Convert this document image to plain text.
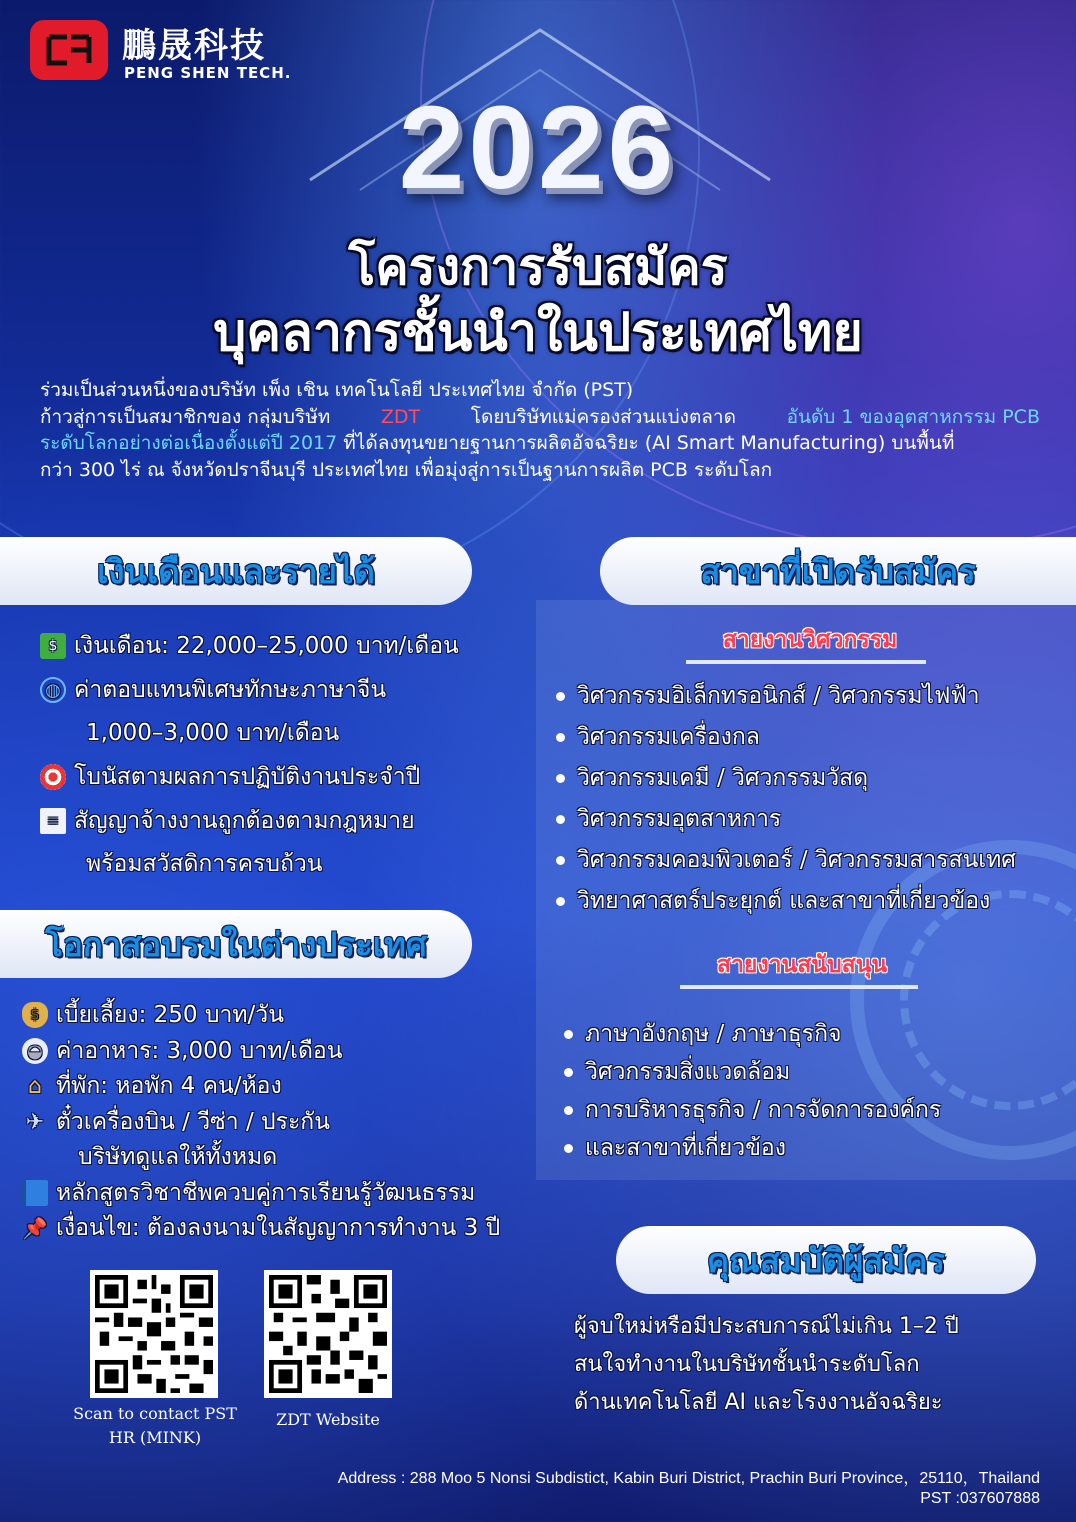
鵬晟科技
PENG SHEN TECH.
2026
โครงการรับสมัคร
บุคลากรชั้นนำในประเทศไทย
ร่วมเป็นส่วนหนึ่งของบริษัท เพ็ง เชิน เทคโนโลยี ประเทศไทย จำกัด (PST)
ก้าวสู่การเป็นสมาชิกของ กลุ่มบริษัท	ZDT	โดยบริษัทแม่ครองส่วนแบ่งตลาด	อันดับ 1 ของอุตสาหกรรม PCB
ระดับโลกอย่างต่อเนื่องตั้งแต่ปี 2017 ที่ได้ลงทุนขยายฐานการผลิตอัจฉริยะ (AI Smart Manufacturing) บนพื้นที่
กว่า 300 ไร่ ณ จังหวัดปราจีนบุรี ประเทศไทย เพื่อมุ่งสู่การเป็นฐานการผลิต PCB ระดับโลก
เงินเดือนและรายได้
$ เงินเดือน: 22,000–25,000 บาท/เดือน
◍ ค่าตอบแทนพิเศษทักษะภาษาจีน
1,000–3,000 บาท/เดือน
โบนัสตามผลการปฏิบัติงานประจำปี
≡ สัญญาจ้างงานถูกต้องตามกฎหมาย
พร้อมสวัสดิการครบถ้วน
โอกาสอบรมในต่างประเทศ
$ เบี้ยเลี้ยง: 250 บาท/วัน
◒ ค่าอาหาร: 3,000 บาท/เดือน
⌂ ที่พัก: หอพัก 4 คน/ห้อง
✈ ตั๋วเครื่องบิน / วีซ่า / ประกัน
บริษัทดูแลให้ทั้งหมด
หลักสูตรวิชาชีพควบคู่การเรียนรู้วัฒนธรรม
📌 เงื่อนไข: ต้องลงนามในสัญญาการทำงาน 3 ปี
สาขาที่เปิดรับสมัคร
สายงานวิศวกรรม
วิศวกรรมอิเล็กทรอนิกส์ / วิศวกรรมไฟฟ้า
วิศวกรรมเครื่องกล
วิศวกรรมเคมี / วิศวกรรมวัสดุ
วิศวกรรมอุตสาหการ
วิศวกรรมคอมพิวเตอร์ / วิศวกรรมสารสนเทศ
วิทยาศาสตร์ประยุกต์ และสาขาที่เกี่ยวข้อง
สายงานสนับสนุน
ภาษาอังกฤษ / ภาษาธุรกิจ
วิศวกรรมสิ่งแวดล้อม
การบริหารธุรกิจ / การจัดการองค์กร
และสาขาที่เกี่ยวข้อง
คุณสมบัติผู้สมัคร
ผู้จบใหม่หรือมีประสบการณ์ไม่เกิน 1–2 ปี
สนใจทำงานในบริษัทชั้นนำระดับโลก
ด้านเทคโนโลยี AI และโรงงานอัจฉริยะ
Scan to contact PST
HR (MINK)
ZDT Website
Address : 288 Moo 5 Nonsi Subdistict, Kabin Buri District, Prachin Buri Province，25110，Thailand
PST :037607888
